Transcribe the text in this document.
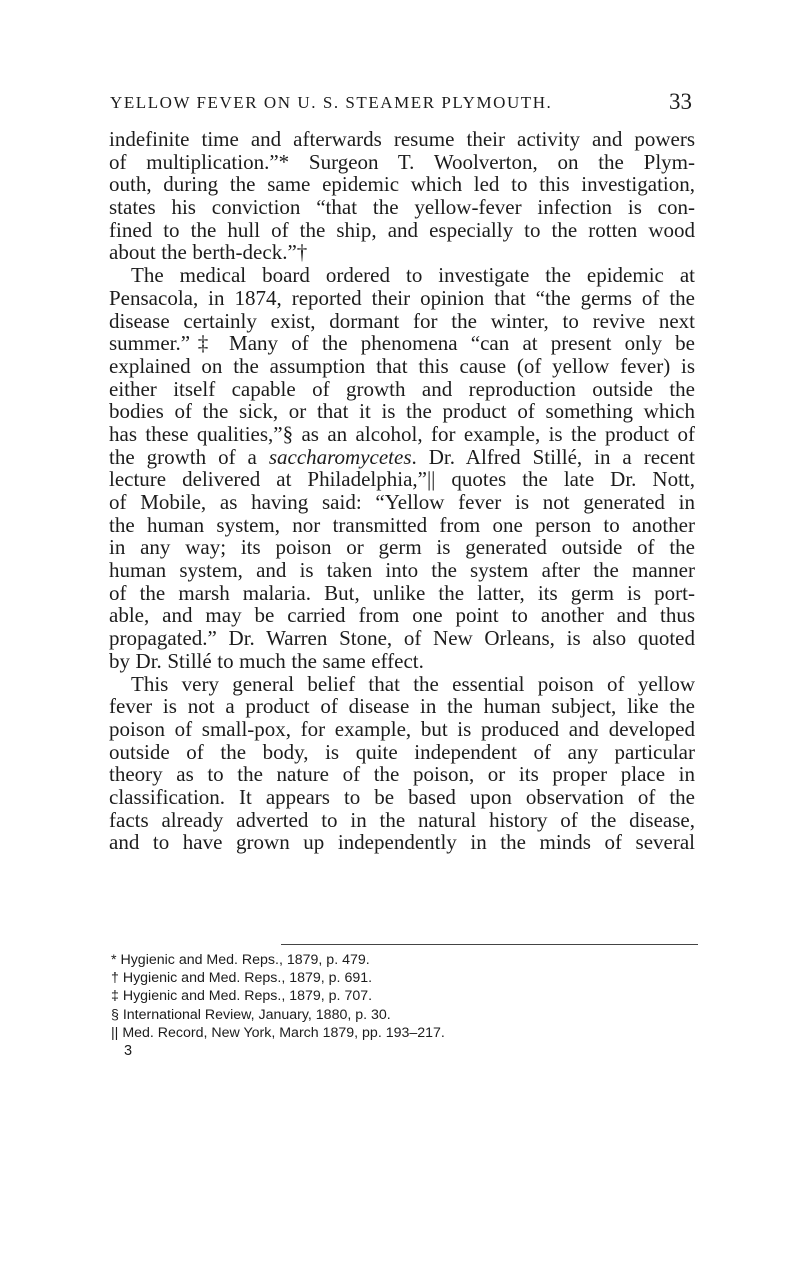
YELLOW FEVER ON U. S. STEAMER PLYMOUTH.	33
indefinite time and afterwards resume their activity and powers
of multiplication.”* Surgeon T. Woolverton, on the Plym-
outh, during the same epidemic which led to this investigation,
states his conviction “that the yellow-fever infection is con-
fined to the hull of the ship, and especially to the rotten wood
about the berth-deck.”†
The medical board ordered to investigate the epidemic at
Pensacola, in 1874, reported their opinion that “the germs of the
disease certainly exist, dormant for the winter, to revive next
summer.”‡ Many of the phenomena “can at present only be
explained on the assumption that this cause (of yellow fever) is
either itself capable of growth and reproduction outside the
bodies of the sick, or that it is the product of something which
has these qualities,”§ as an alcohol, for example, is the product of
the growth of a saccharomycetes. Dr. Alfred Stillé, in a recent
lecture delivered at Philadelphia,”|| quotes the late Dr. Nott,
of Mobile, as having said: “Yellow fever is not generated in
the human system, nor transmitted from one person to another
in any way; its poison or germ is generated outside of the
human system, and is taken into the system after the manner
of the marsh malaria. But, unlike the latter, its germ is port-
able, and may be carried from one point to another and thus
propagated.” Dr. Warren Stone, of New Orleans, is also quoted
by Dr. Stillé to much the same effect.
This very general belief that the essential poison of yellow
fever is not a product of disease in the human subject, like the
poison of small-pox, for example, but is produced and developed
outside of the body, is quite independent of any particular
theory as to the nature of the poison, or its proper place in
classification. It appears to be based upon observation of the
facts already adverted to in the natural history of the disease,
and to have grown up independently in the minds of several
* Hygienic and Med. Reps., 1879, p. 479.
† Hygienic and Med. Reps., 1879, p. 691.
‡ Hygienic and Med. Reps., 1879, p. 707.
§ International Review, January, 1880, p. 30.
|| Med. Record, New York, March 1879, pp. 193–217.
3
